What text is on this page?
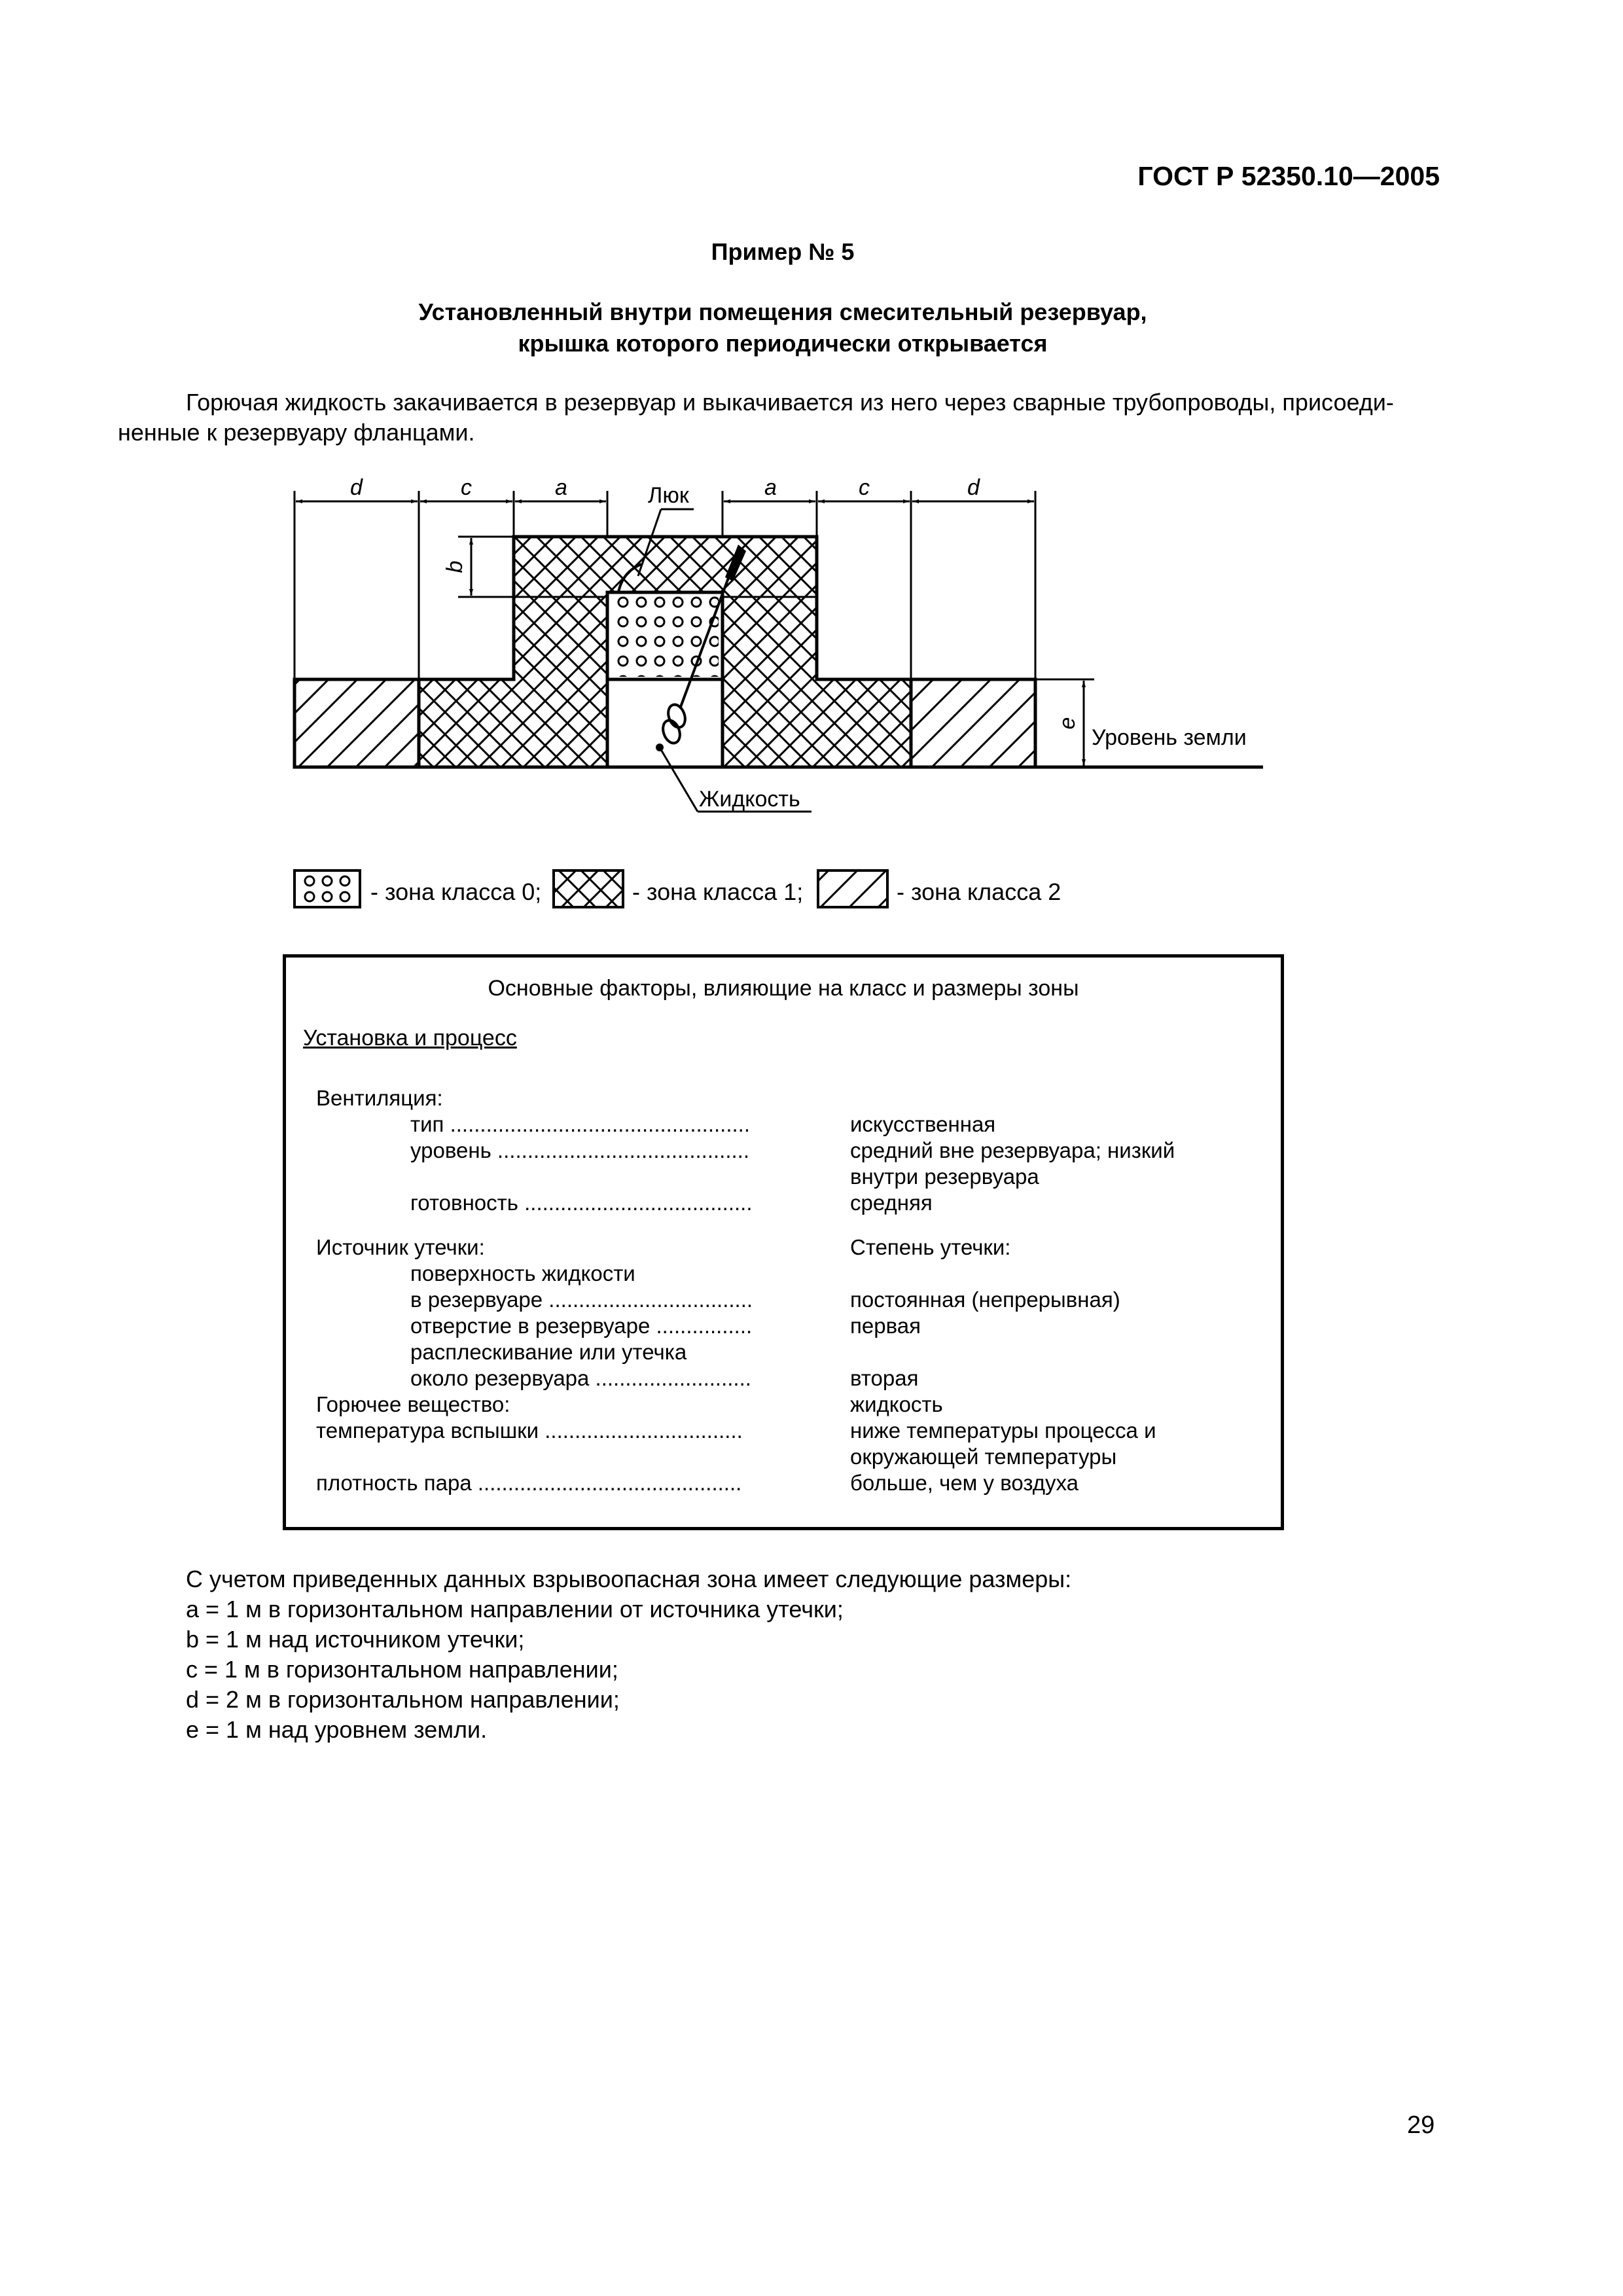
ГОСТ Р 52350.10—2005
Пример № 5
Установленный внутри помещения смесительный резервуар,
крышка которого периодически открывается
Горючая жидкость закачивается в резервуар и выкачивается из него через сварные трубопроводы, присоеди-
ненные к резервуару фланцами.
Люк
Жидкость
Уровень земли
d	c	a	a	c	d
b
e
- зона класса 0;	- зона класса 1;	- зона класса 2
Основные факторы, влияющие на класс и размеры зоны
Установка и процесс
Вентиляция:
тип ..................................................	искусственная
уровень ..........................................	средний вне резервуара; низкий
внутри резервуара
готовность ......................................	средняя
Источник утечки:	Степень утечки:
поверхность жидкости
в резервуаре ..................................	постоянная (непрерывная)
отверстие в резервуаре ................	первая
расплескивание или утечка
около резервуара ..........................	вторая
Горючее вещество:	жидкость
температура вспышки .................................	ниже температуры процесса и
окружающей температуры
плотность пара ............................................	больше, чем у воздуха
С учетом приведенных данных взрывоопасная зона имеет следующие размеры:
a = 1 м в горизонтальном направлении от источника утечки;
b = 1 м над источником утечки;
c = 1 м в горизонтальном направлении;
d = 2 м в горизонтальном направлении;
e = 1 м над уровнем земли.
29
